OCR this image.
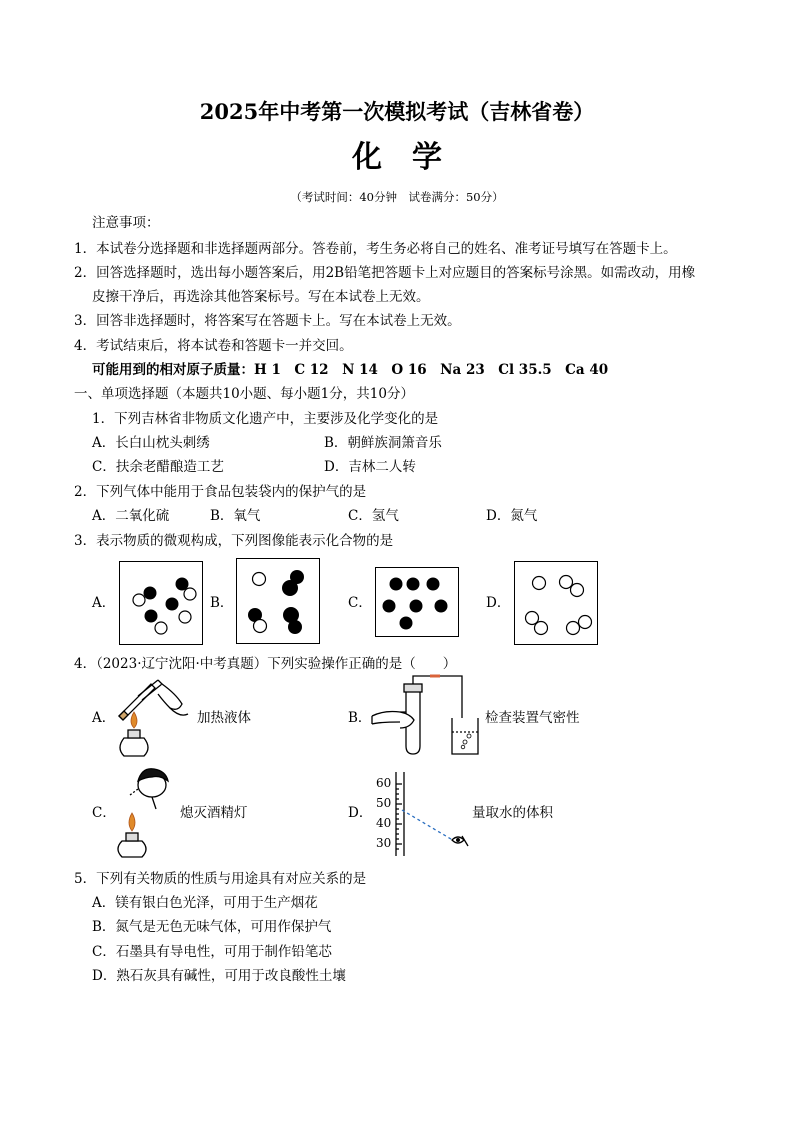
2025年中考第一次模拟考试（吉林省卷）
化　学
（考试时间：40分钟　试卷满分：50分）
注意事项：
1．本试卷分选择题和非选择题两部分。答卷前，考生务必将自己的姓名、准考证号填写在答题卡上。
2．回答选择题时，选出每小题答案后，用2B铅笔把答题卡上对应题目的答案标号涂黑。如需改动，用橡
皮擦干净后，再选涂其他答案标号。写在本试卷上无效。
3．回答非选择题时，将答案写在答题卡上。写在本试卷上无效。
4．考试结束后，将本试卷和答题卡一并交回。
可能用到的相对原子质量：H 1　C 12　N 14　O 16　Na 23　Cl 35.5　Ca 40
一、单项选择题（本题共10小题、每小题1分，共10分）
1．下列吉林省非物质文化遗产中，主要涉及化学变化的是
A．长白山枕头刺绣	B．朝鲜族洞箫音乐
C．扶余老醋酿造工艺	D．吉林二人转
2．下列气体中能用于食品包装袋内的保护气的是
A．二氧化硫	B．氧气	C．氢气	D．氮气
3．表示物质的微观构成，下列图像能表示化合物的是
A．	B．	C．	D．
4．（2023·辽宁沈阳·中考真题）下列实验操作正确的是（　　）
A．	加热液体	B．	检查装置气密性
C．	熄灭酒精灯	D．
60
50
40
30
量取水的体积
5．下列有关物质的性质与用途具有对应关系的是
A．镁有银白色光泽，可用于生产烟花
B．氮气是无色无味气体，可用作保护气
C．石墨具有导电性，可用于制作铅笔芯
D．熟石灰具有碱性，可用于改良酸性土壤
